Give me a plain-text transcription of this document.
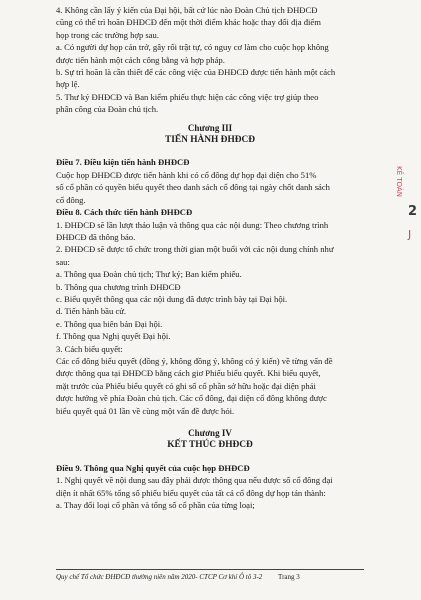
4. Không cần lấy ý kiến của Đại hội, bất cứ lúc nào Đoàn Chủ tịch ĐHĐCĐ

cũng có thể trì hoãn ĐHĐCĐ đến một thời điểm khác hoặc thay đổi địa điểm

họp trong các trường hợp sau.

a. Có người dự họp cản trở, gây rối trật tự, có nguy cơ làm cho cuộc họp không

được tiến hành một cách công bằng và hợp pháp.

b. Sự trì hoãn là cần thiết để các công việc của ĐHĐCĐ được tiến hành một cách

hợp lệ.

5. Thư ký ĐHĐCĐ và Ban kiểm phiếu thực hiện các công việc trợ giúp theo

phân công của Đoàn chủ tịch.

Chương III

TIẾN HÀNH ĐHĐCĐ

Điều 7. Điều kiện tiến hành ĐHĐCĐ

Cuộc họp ĐHĐCĐ được tiến hành khi có cổ đông dự họp đại diện cho 51%

số cổ phần có quyền biểu quyết theo danh sách cổ đông tại ngày chốt danh sách

cổ đông.

Điều 8. Cách thức tiến hành ĐHĐCĐ

1. ĐHĐCĐ sẽ lần lượt thảo luận và thông qua các nội dung: Theo chương trình

ĐHĐCĐ đã thông báo.

2. ĐHĐCĐ sẽ được tổ chức trong thời gian một buổi với các nội dung chính như

sau:

a. Thông qua Đoàn chủ tịch; Thư ký; Ban kiểm phiếu.

b. Thông qua chương trình ĐHĐCĐ

c. Biểu quyết thông qua các nội dung đã được trình bày tại Đại hội.

d. Tiến hành bầu cử.

e. Thông qua biên bản Đại hội.

f. Thông qua Nghị quyết Đại hội.

3. Cách biểu quyết:

Các cổ đông biểu quyết (đồng ý, không đồng ý, không có ý kiến) về từng vấn đề

được thông qua tại ĐHĐCĐ bằng cách giơ Phiếu biểu quyết. Khi biểu quyết,

mặt trước của Phiếu biểu quyết có ghi số cổ phần sở hữu hoặc đại diện phải

được hướng về phía Đoàn chủ tịch. Các cổ đông, đại diện cổ đông không được

biểu quyết quá 01 lần về cùng một vấn đề được hỏi.

Chương IV

KẾT THÚC ĐHĐCĐ

Điều 9. Thông qua Nghị quyết của cuộc họp ĐHĐCĐ

1. Nghị quyết về nội dung sau đây phải được thông qua nếu được số cổ đông đại

diện ít nhất 65% tổng số phiếu biểu quyết của tất cả cổ đông dự họp tán thành:

a. Thay đổi loại cổ phần và tổng số cổ phần của từng loại;

Quy chế Tổ chức ĐHĐCĐ thường niên năm 2020- CTCP Cơ khí Ô tô 3-2 Trang 3
KÊ TOÁN
2
J
